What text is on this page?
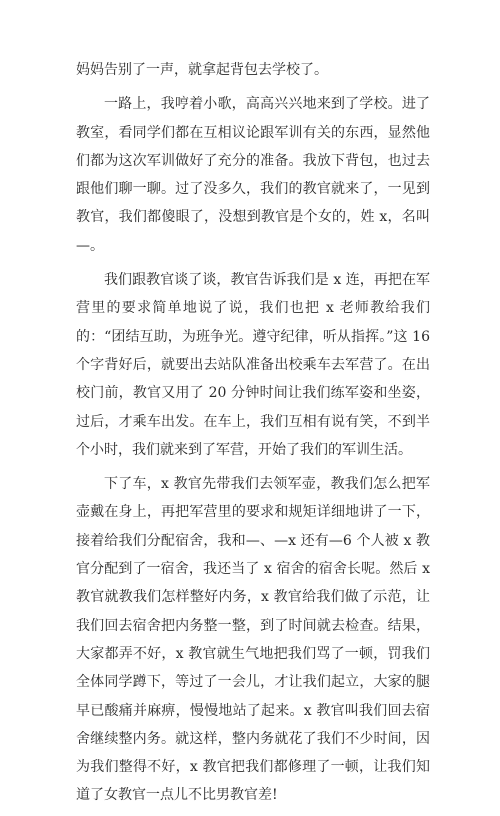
妈妈告别了一声，就拿起背包去学校了。

一路上，我哼着小歌，高高兴兴地来到了学校。进了教室，看同学们都在互相议论跟军训有关的东西，显然他们都为这次军训做好了充分的准备。我放下背包，也过去跟他们聊一聊。过了没多久，我们的教官就来了，一见到教官，我们都傻眼了，没想到教官是个女的，姓 x，名叫—。

我们跟教官谈了谈，教官告诉我们是 x 连，再把在军营里的要求简单地说了说，我们也把 x 老师教给我们的：“团结互助，为班争光。遵守纪律，听从指挥。”这 16 个字背好后，就要出去站队准备出校乘车去军营了。在出校门前，教官又用了 20 分钟时间让我们练军姿和坐姿，过后，才乘车出发。在车上，我们互相有说有笑，不到半个小时，我们就来到了军营，开始了我们的军训生活。

下了车，x 教官先带我们去领军壶，教我们怎么把军壶戴在身上，再把军营里的要求和规矩详细地讲了一下，接着给我们分配宿舍，我和—、—x 还有—6 个人被 x 教官分配到了一宿舍，我还当了 x 宿舍的宿舍长呢。然后 x 教官就教我们怎样整好内务，x 教官给我们做了示范，让我们回去宿舍把内务整一整，到了时间就去检查。结果，大家都弄不好，x 教官就生气地把我们骂了一顿，罚我们全体同学蹲下，等过了一会儿，才让我们起立，大家的腿早已酸痛并麻痹，慢慢地站了起来。x 教官叫我们回去宿舍继续整内务。就这样，整内务就花了我们不少时间，因为我们整得不好，x 教官把我们都修理了一顿，让我们知道了女教官一点儿不比男教官差!
